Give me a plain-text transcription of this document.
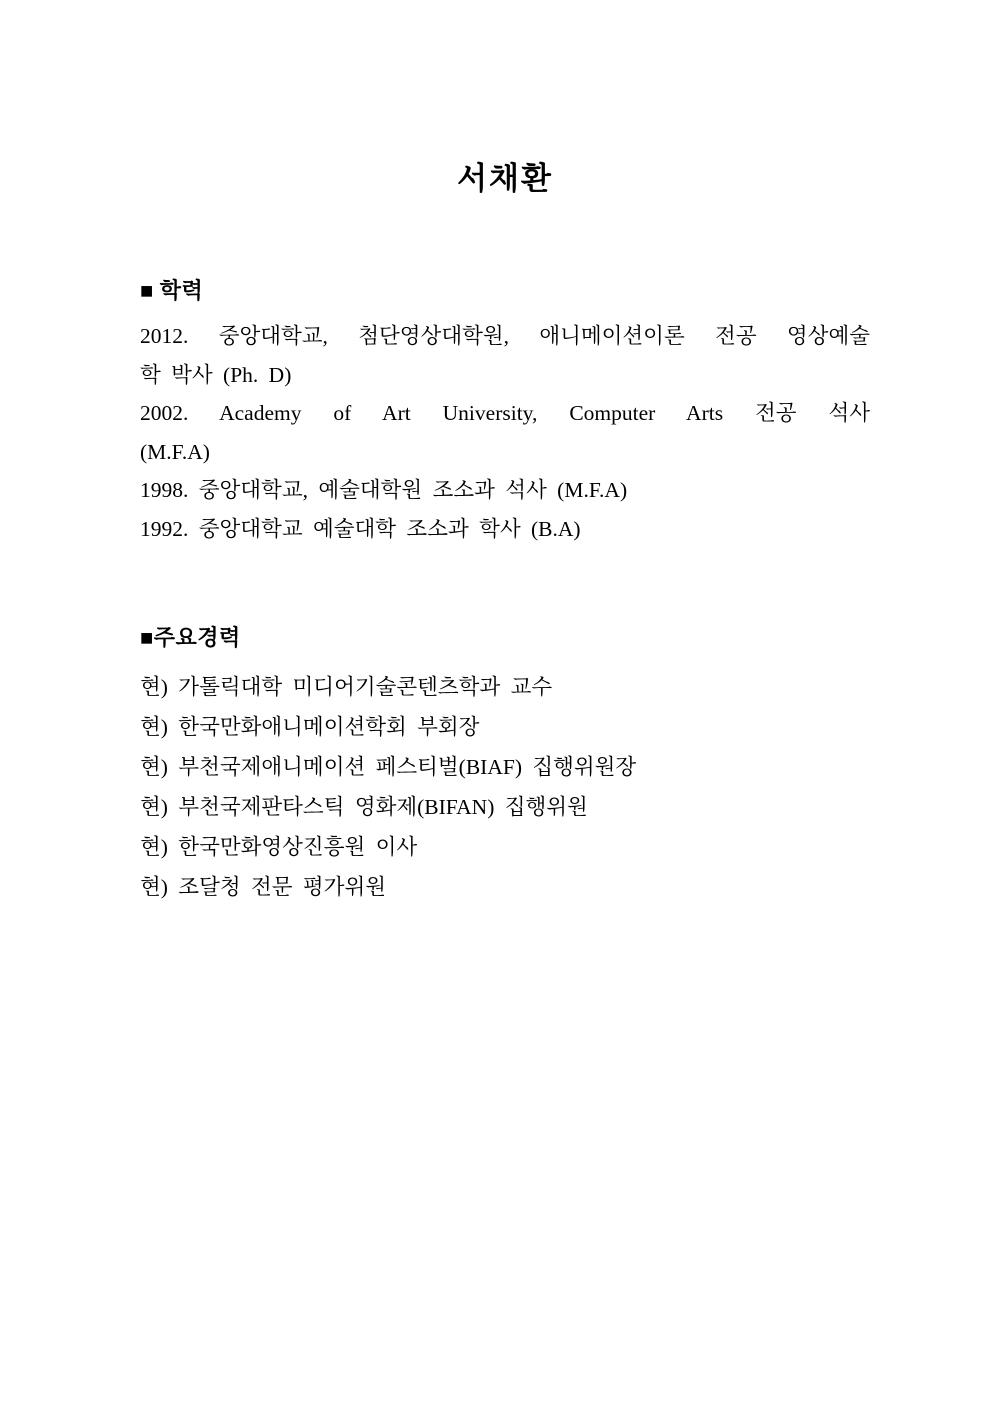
서채환
■ 학력
2012. 중앙대학교, 첨단영상대학원, 애니메이션이론 전공 영상예술
학 박사 (Ph. D)
2002. Academy of Art University, Computer Arts 전공 석사
(M.F.A)
1998. 중앙대학교, 예술대학원 조소과 석사 (M.F.A)
1992. 중앙대학교 예술대학 조소과 학사 (B.A)
■주요경력
현) 가톨릭대학 미디어기술콘텐츠학과 교수
현) 한국만화애니메이션학회 부회장
현) 부천국제애니메이션 페스티벌(BIAF) 집행위원장
현) 부천국제판타스틱 영화제(BIFAN) 집행위원
현) 한국만화영상진흥원 이사
현) 조달청 전문 평가위원
